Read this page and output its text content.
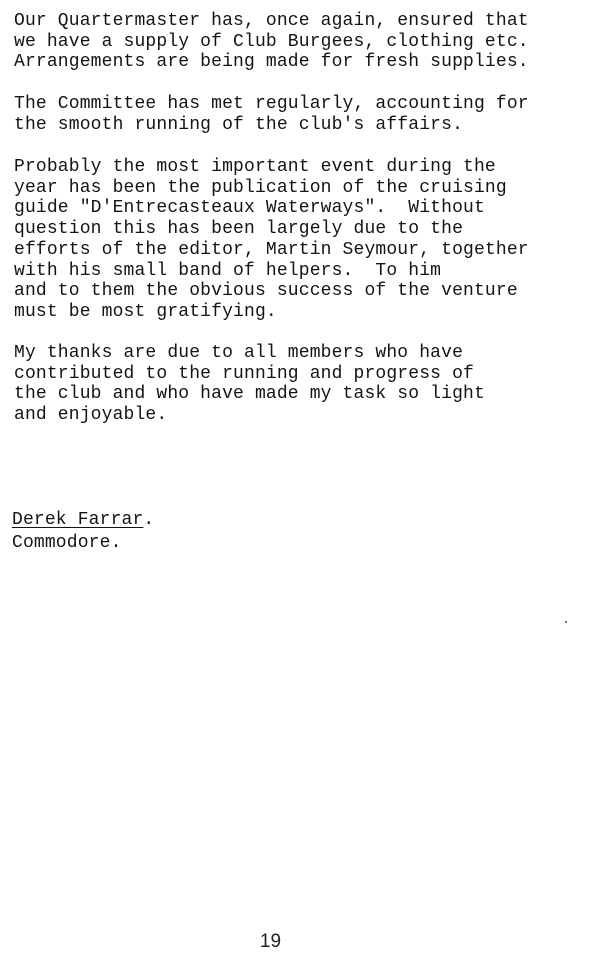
Our Quartermaster has, once again, ensured that
we have a supply of Club Burgees, clothing etc.
Arrangements are being made for fresh supplies.
The Committee has met regularly, accounting for
the smooth running of the club's affairs.
Probably the most important event during the
year has been the publication of the cruising
guide "D'Entrecasteaux Waterways".  Without
question this has been largely due to the
efforts of the editor, Martin Seymour, together
with his small band of helpers.  To him
and to them the obvious success of the venture
must be most gratifying.
My thanks are due to all members who have
contributed to the running and progress of
the club and who have made my task so light
and enjoyable.
Derek Farrar.
Commodore.
19
